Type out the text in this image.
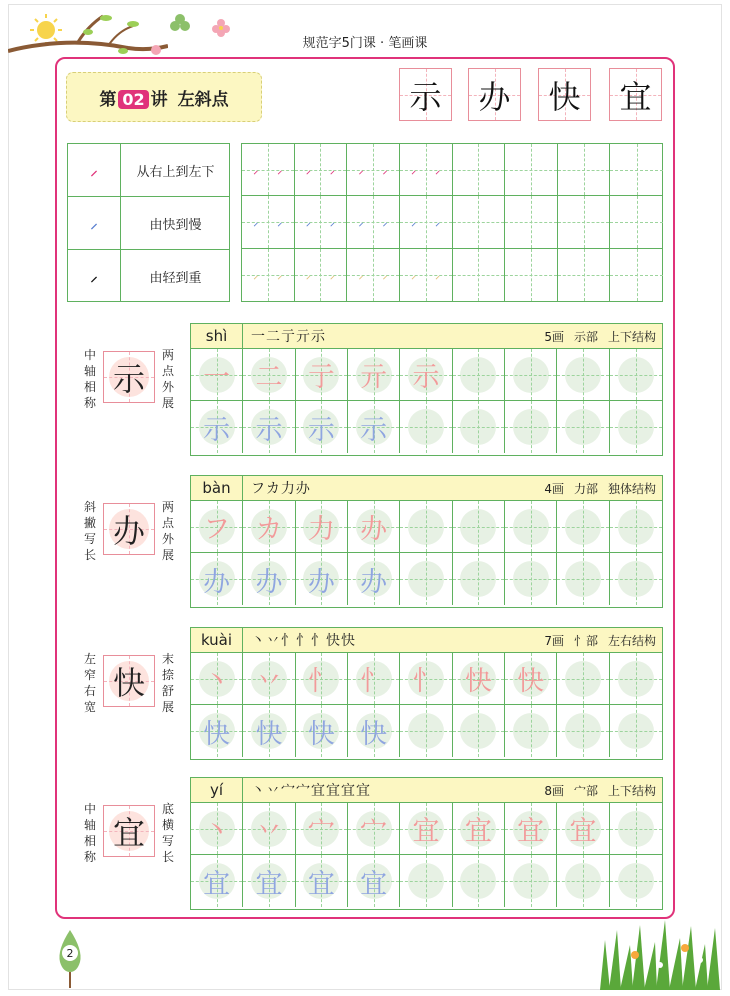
规范字5门课 · 笔画课
第 02 讲 左斜点	示 办 快 宜
⸝	从右上到左下
⸝	由快到慢
⸝	由轻到重
⸝ ⸝	⸝ ⸝	⸝ ⸝	⸝ ⸝
⸝ ⸝	⸝ ⸝	⸝ ⸝	⸝ ⸝
⸝ ⸝	⸝ ⸝	⸝ ⸝	⸝ ⸝
中轴相称
两点外展
示
shì	一二亍亓示	5画 示部 上下结构
一 二 亍 亓 示
示 示 示 示
斜撇写长
两点外展
办
bàn	フカ力办	4画 力部 独体结构
フ カ 力 办
办 办 办 办
左窄右宽
末捺舒展
快
kuài	丶丷忄忄忄快快	7画 忄部 左右结构
丶 丷 忄 忄 忄 快 快
快 快 快 快
中轴相称
底横写长
宜
yí	丶丷宀宀宜宜宜宜	8画 宀部 上下结构
丶 丷 宀 宀 宜 宜 宜 宜
宜 宜 宜 宜
2
